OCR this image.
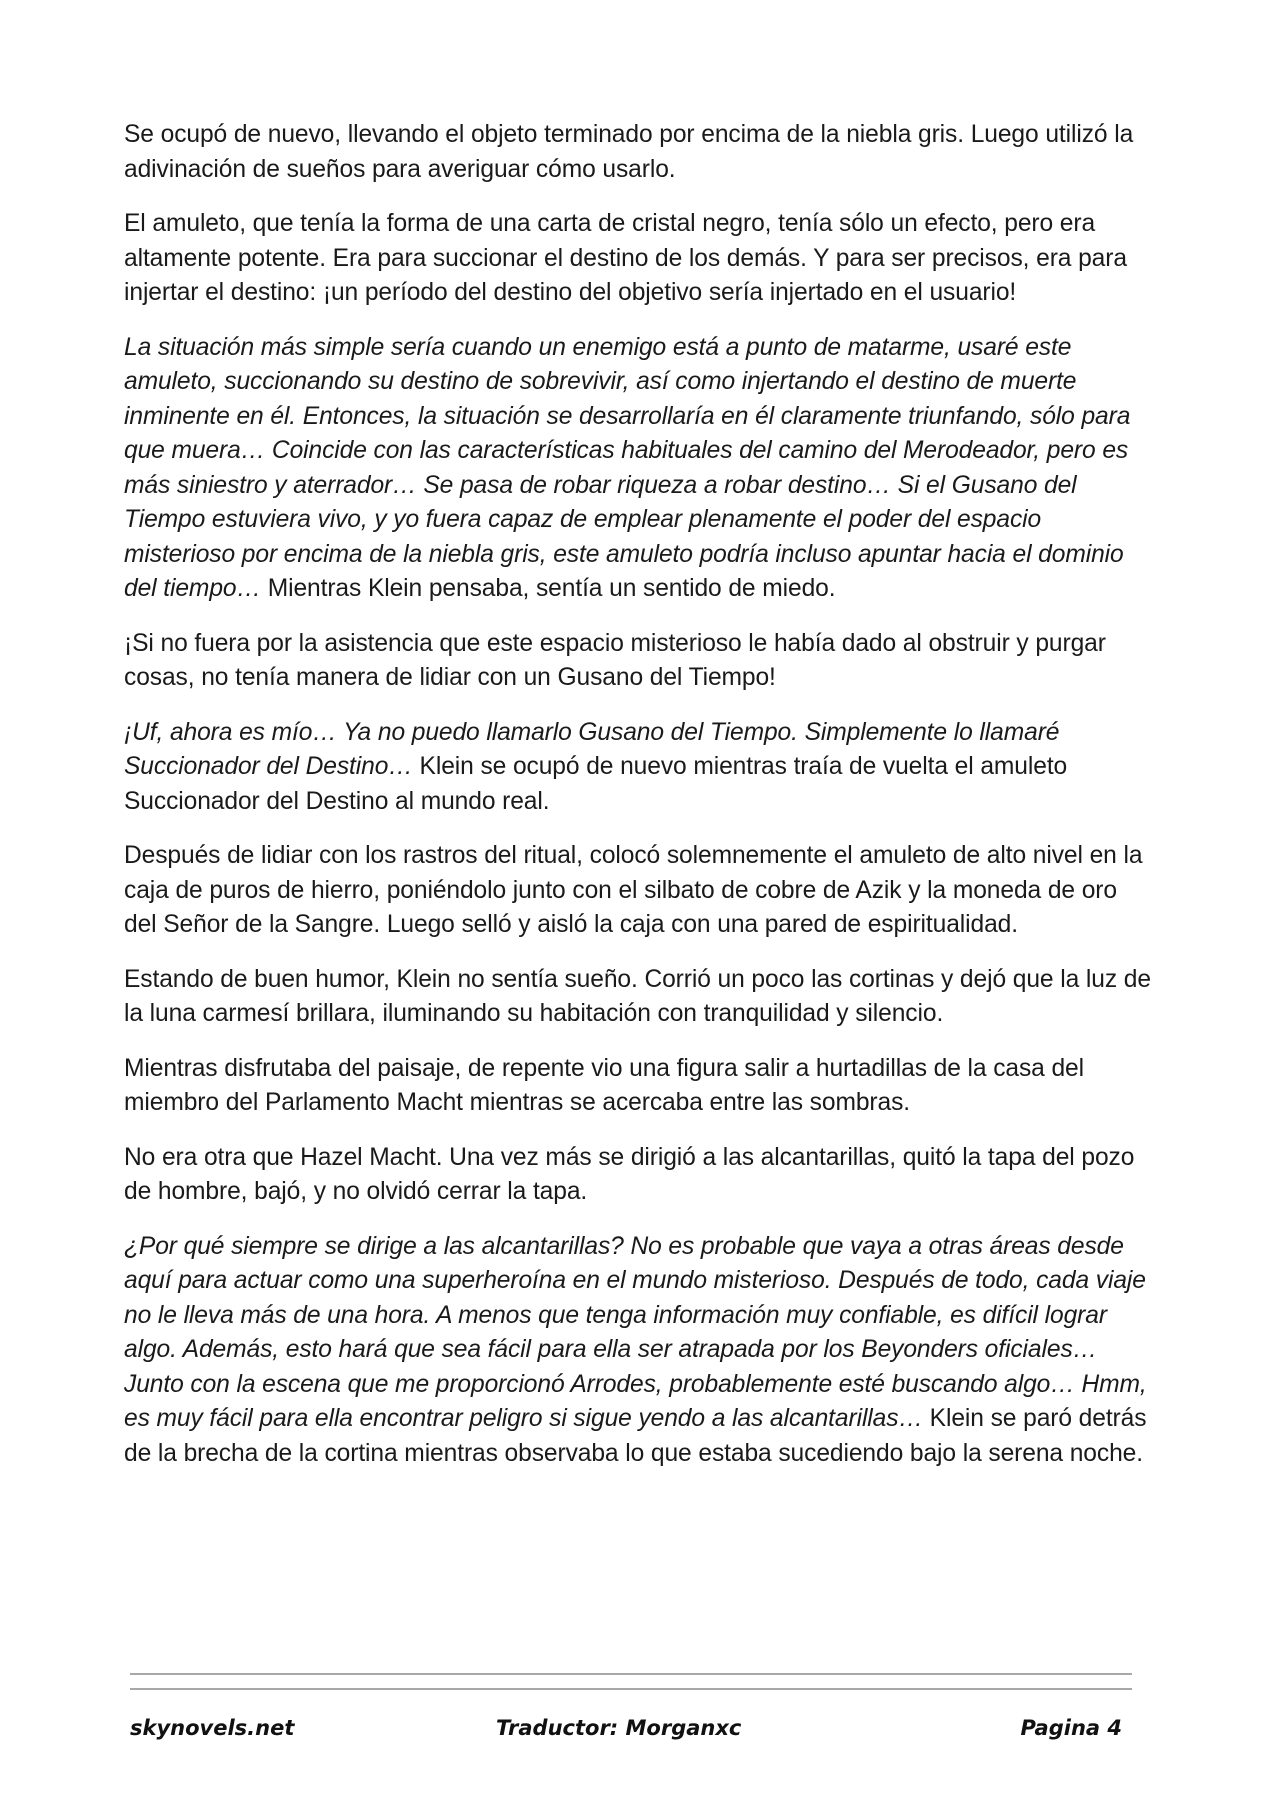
Se ocupó de nuevo, llevando el objeto terminado por encima de la niebla gris. Luego utilizó la adivinación de sueños para averiguar cómo usarlo.

El amuleto, que tenía la forma de una carta de cristal negro, tenía sólo un efecto, pero era altamente potente. Era para succionar el destino de los demás. Y para ser precisos, era para injertar el destino: ¡un período del destino del objetivo sería injertado en el usuario!

La situación más simple sería cuando un enemigo está a punto de matarme, usaré este amuleto, succionando su destino de sobrevivir, así como injertando el destino de muerte inminente en él. Entonces, la situación se desarrollaría en él claramente triunfando, sólo para que muera… Coincide con las características habituales del camino del Merodeador, pero es más siniestro y aterrador… Se pasa de robar riqueza a robar destino… Si el Gusano del Tiempo estuviera vivo, y yo fuera capaz de emplear plenamente el poder del espacio misterioso por encima de la niebla gris, este amuleto podría incluso apuntar hacia el dominio del tiempo… Mientras Klein pensaba, sentía un sentido de miedo.

¡Si no fuera por la asistencia que este espacio misterioso le había dado al obstruir y purgar cosas, no tenía manera de lidiar con un Gusano del Tiempo!

¡Uf, ahora es mío… Ya no puedo llamarlo Gusano del Tiempo. Simplemente lo llamaré Succionador del Destino… Klein se ocupó de nuevo mientras traía de vuelta el amuleto Succionador del Destino al mundo real.

Después de lidiar con los rastros del ritual, colocó solemnemente el amuleto de alto nivel en la caja de puros de hierro, poniéndolo junto con el silbato de cobre de Azik y la moneda de oro del Señor de la Sangre. Luego selló y aisló la caja con una pared de espiritualidad.

Estando de buen humor, Klein no sentía sueño. Corrió un poco las cortinas y dejó que la luz de la luna carmesí brillara, iluminando su habitación con tranquilidad y silencio.

Mientras disfrutaba del paisaje, de repente vio una figura salir a hurtadillas de la casa del miembro del Parlamento Macht mientras se acercaba entre las sombras.

No era otra que Hazel Macht. Una vez más se dirigió a las alcantarillas, quitó la tapa del pozo de hombre, bajó, y no olvidó cerrar la tapa.

¿Por qué siempre se dirige a las alcantarillas? No es probable que vaya a otras áreas desde aquí para actuar como una superheroína en el mundo misterioso. Después de todo, cada viaje no le lleva más de una hora. A menos que tenga información muy confiable, es difícil lograr algo. Además, esto hará que sea fácil para ella ser atrapada por los Beyonders oficiales… Junto con la escena que me proporcionó Arrodes, probablemente esté buscando algo… Hmm, es muy fácil para ella encontrar peligro si sigue yendo a las alcantarillas… Klein se paró detrás de la brecha de la cortina mientras observaba lo que estaba sucediendo bajo la serena noche.

skynovels.net	Traductor: Morganxc	Pagina 4
